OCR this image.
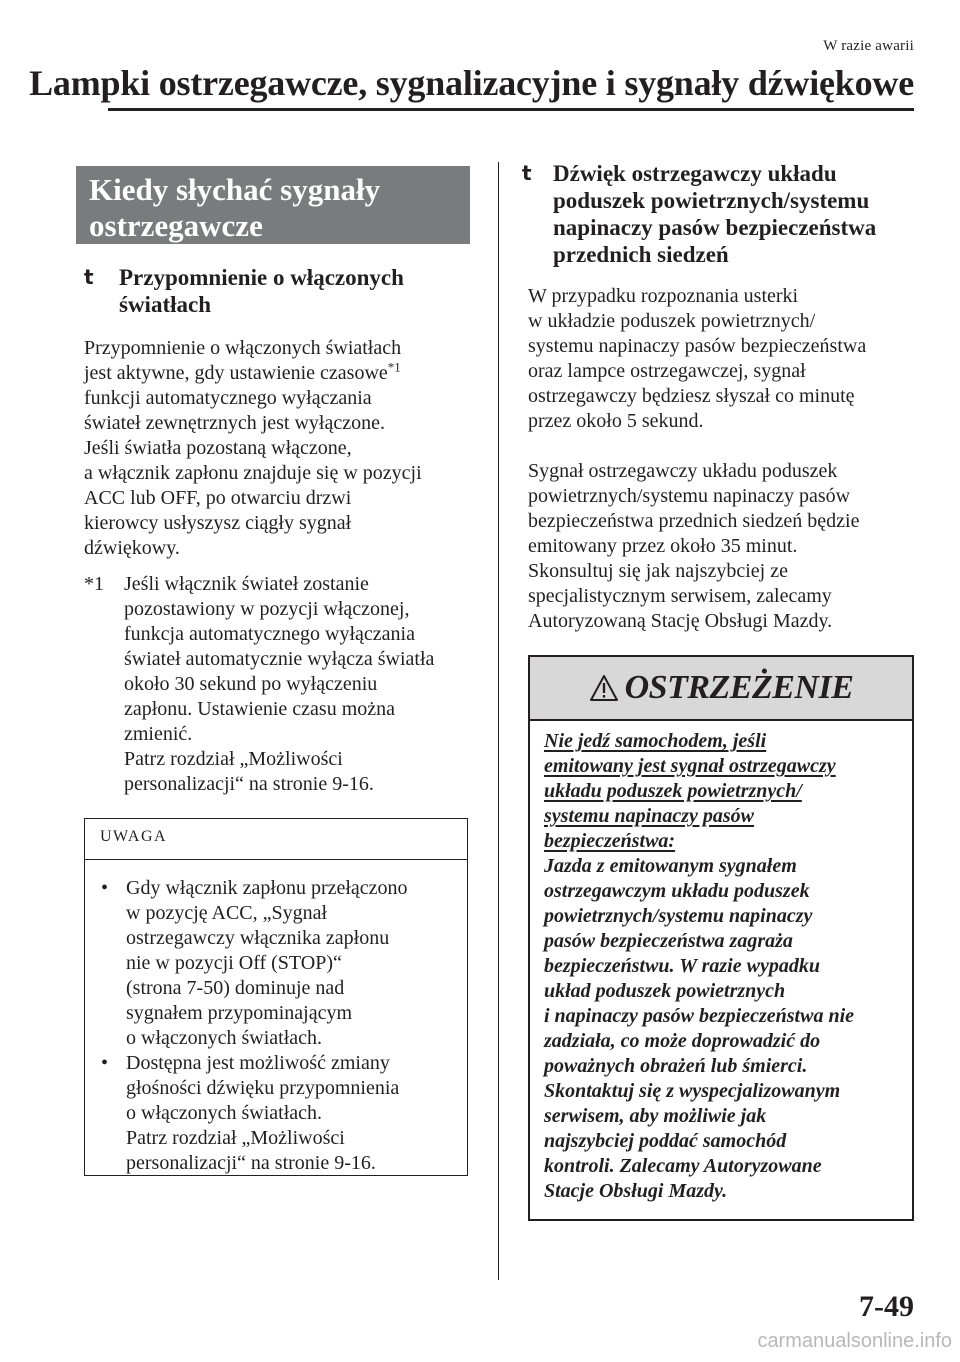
W razie awarii
Lampki ostrzegawcze, sygnalizacyjne i sygnały dźwiękowe
Kiedy słychać sygnały
ostrzegawcze
t Przypomnienie o włączonych
światłach

Przypomnienie o włączonych światłach

jest aktywne, gdy ustawienie czasowe$^{*1}$

funkcji automatycznego wyłączania

świateł zewnętrznych jest wyłączone.

Jeśli światła pozostaną włączone,

a włącznik zapłonu znajduje się w pozycji

ACC lub OFF, po otwarciu drzwi

kierowcy usłyszysz ciągły sygnał

dźwiękowy.

*1 Jeśli włącznik świateł zostanie
pozostawiony w pozycji włączonej,
funkcja automatycznego wyłączania
świateł automatycznie wyłącza światła
około 30 sekund po wyłączeniu
zapłonu. Ustawienie czasu można
zmienić.
Patrz rozdział „Możliwości
personalizacji“ na stronie 9-16.
UWAGA
• Gdy włącznik zapłonu przełączono
w pozycję ACC, „Sygnał
ostrzegawczy włącznika zapłonu
nie w pozycji Off (STOP)“
(strona 7-50) dominuje nad
sygnałem przypominającym
o włączonych światłach.
• Dostępna jest możliwość zmiany
głośności dźwięku przypomnienia
o włączonych światłach.
Patrz rozdział „Możliwości
personalizacji“ na stronie 9-16.
t Dźwięk ostrzegawczy układu
poduszek powietrznych/systemu
napinaczy pasów bezpieczeństwa
przednich siedzeń

W przypadku rozpoznania usterki

w układzie poduszek powietrznych/

systemu napinaczy pasów bezpieczeństwa

oraz lampce ostrzegawczej, sygnał

ostrzegawczy będziesz słyszał co minutę

przez około 5 sekund.

Sygnał ostrzegawczy układu poduszek

powietrznych/systemu napinaczy pasów

bezpieczeństwa przednich siedzeń będzie

emitowany przez około 35 minut.

Skonsultuj się jak najszybciej ze

specjalistycznym serwisem, zalecamy

Autoryzowaną Stację Obsługi Mazdy.

OSTRZEŻENIE
Nie jedź samochodem, jeśli
emitowany jest sygnał ostrzegawczy
układu poduszek powietrznych/
systemu napinaczy pasów
bezpieczeństwa:
Jazda z emitowanym sygnałem
ostrzegawczym układu poduszek
powietrznych/systemu napinaczy
pasów bezpieczeństwa zagraża
bezpieczeństwu. W razie wypadku
układ poduszek powietrznych
i napinaczy pasów bezpieczeństwa nie
zadziała, co może doprowadzić do
poważnych obrażeń lub śmierci.
Skontaktuj się z wyspecjalizowanym
serwisem, aby możliwie jak
najszybciej poddać samochód
kontroli. Zalecamy Autoryzowane
Stacje Obsługi Mazdy.
7-49
carmanualsonline.info
